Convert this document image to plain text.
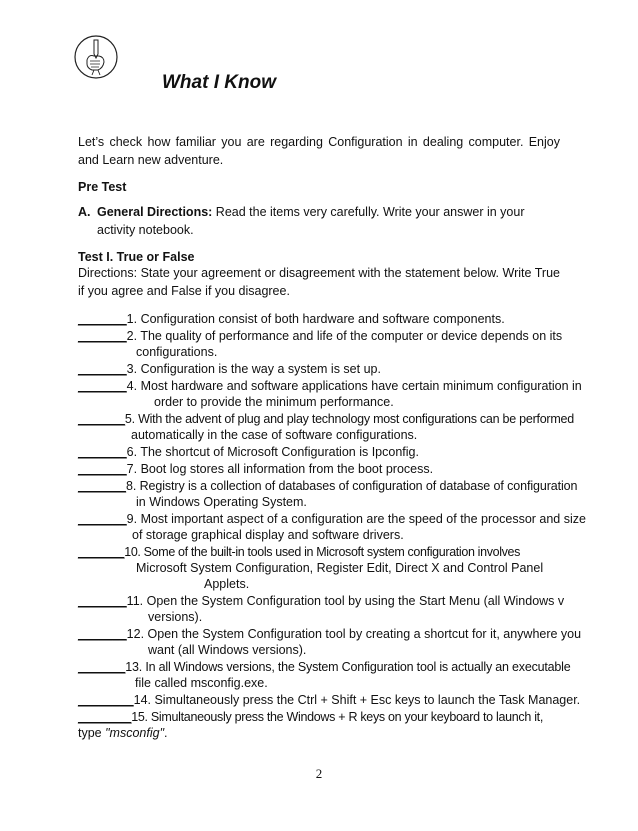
What I Know
Let’s check how familiar you are regarding Configuration in dealing computer. Enjoy and Learn new adventure.
Pre Test
A. General Directions: Read the items very carefully. Write your answer in your activity notebook.
Test I. True or False
Directions: State your agreement or disagreement with the statement below. Write True if you agree and False if you disagree.
_______1. Configuration consist of both hardware and software components.
_______2. The quality of performance and life of the computer or device depends on its
configurations.
_______3. Configuration is the way a system is set up.
_______4. Most hardware and software applications have certain minimum configuration in
order to provide the minimum performance.
_______5. With the advent of plug and play technology most configurations can be performed
automatically in the case of software configurations.
_______6. The shortcut of Microsoft Configuration is Ipconfig.
_______7. Boot log stores all information from the boot process.
_______8. Registry is a collection of databases of configuration of database of configuration
in Windows Operating System.
_______9. Most important aspect of a configuration are the speed of the processor and size
of storage graphical display and software drivers.
_______10. Some of the built-in tools used in Microsoft system configuration involves
Microsoft System Configuration, Register Edit, Direct X and Control Panel
Applets.
_______11. Open the System Configuration tool by using the Start Menu (all Windows v
versions).
_______12. Open the System Configuration tool by creating a shortcut for it, anywhere you
want (all Windows versions).
_______13. In all Windows versions, the System Configuration tool is actually an executable
file called msconfig.exe.
________14. Simultaneously press the Ctrl + Shift + Esc keys to launch the Task Manager.
________15. Simultaneously press the Windows + R keys on your keyboard to launch it,
type "msconfig".
2
